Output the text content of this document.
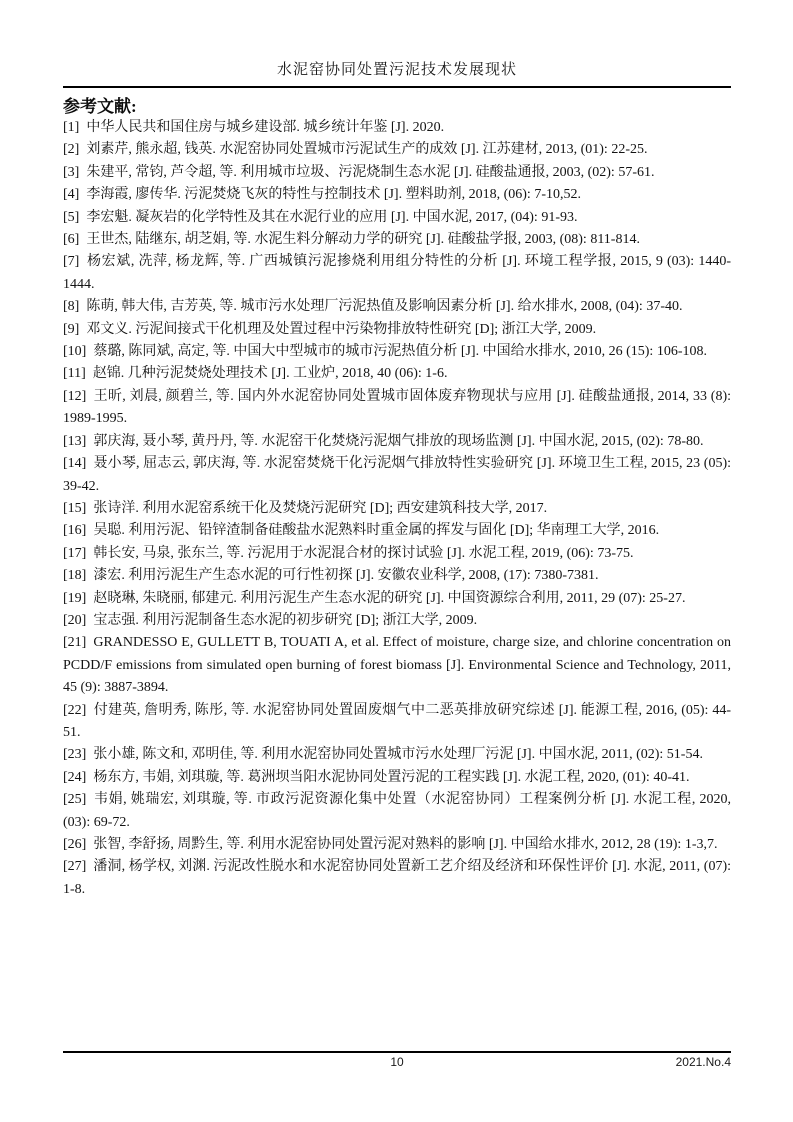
水泥窑协同处置污泥技术发展现状
参考文献:

[1] 中华人民共和国住房与城乡建设部. 城乡统计年鉴 [J]. 2020.

[2] 刘素芹, 熊永超, 钱英. 水泥窑协同处置城市污泥试生产的成效 [J]. 江苏建材, 2013, (01): 22-25.

[3] 朱建平, 常钧, 芦令超, 等. 利用城市垃圾、污泥烧制生态水泥 [J]. 硅酸盐通报, 2003, (02): 57-61.

[4] 李海霞, 廖传华. 污泥焚烧飞灰的特性与控制技术 [J]. 塑料助剂, 2018, (06): 7-10,52.

[5] 李宏魁. 凝灰岩的化学特性及其在水泥行业的应用 [J]. 中国水泥, 2017, (04): 91-93.

[6] 王世杰, 陆继东, 胡芝娟, 等. 水泥生料分解动力学的研究 [J]. 硅酸盐学报, 2003, (08): 811-814.

[7] 杨宏斌, 冼萍, 杨龙辉, 等. 广西城镇污泥掺烧利用组分特性的分析 [J]. 环境工程学报, 2015, 9 (03): 1440-1444.

[8] 陈萌, 韩大伟, 吉芳英, 等. 城市污水处理厂污泥热值及影响因素分析 [J]. 给水排水, 2008, (04): 37-40.

[9] 邓文义. 污泥间接式干化机理及处置过程中污染物排放特性研究 [D]; 浙江大学, 2009.

[10] 蔡璐, 陈同斌, 高定, 等. 中国大中型城市的城市污泥热值分析 [J]. 中国给水排水, 2010, 26 (15): 106-108.

[11] 赵锦. 几种污泥焚烧处理技术 [J]. 工业炉, 2018, 40 (06): 1-6.

[12] 王昕, 刘晨, 颜碧兰, 等. 国内外水泥窑协同处置城市固体废弃物现状与应用 [J]. 硅酸盐通报, 2014, 33 (8): 1989-1995.

[13] 郭庆海, 聂小琴, 黄丹丹, 等. 水泥窑干化焚烧污泥烟气排放的现场监测 [J]. 中国水泥, 2015, (02): 78-80.

[14] 聂小琴, 屈志云, 郭庆海, 等. 水泥窑焚烧干化污泥烟气排放特性实验研究 [J]. 环境卫生工程, 2015, 23 (05): 39-42.

[15] 张诗洋. 利用水泥窑系统干化及焚烧污泥研究 [D]; 西安建筑科技大学, 2017.

[16] 吴聪. 利用污泥、铅锌渣制备硅酸盐水泥熟料时重金属的挥发与固化 [D]; 华南理工大学, 2016.

[17] 韩长安, 马泉, 张东兰, 等. 污泥用于水泥混合材的探讨试验 [J]. 水泥工程, 2019, (06): 73-75.

[18] 漆宏. 利用污泥生产生态水泥的可行性初探 [J]. 安徽农业科学, 2008, (17): 7380-7381.

[19] 赵晓琳, 朱晓丽, 郁建元. 利用污泥生产生态水泥的研究 [J]. 中国资源综合利用, 2011, 29 (07): 25-27.

[20] 宝志强. 利用污泥制备生态水泥的初步研究 [D]; 浙江大学, 2009.

[21] GRANDESSO E, GULLETT B, TOUATI A, et al. Effect of moisture, charge size, and chlorine concentration on PCDD/F emissions from simulated open burning of forest biomass [J]. Environmental Science and Technology, 2011, 45 (9): 3887-3894.

[22] 付建英, 詹明秀, 陈彤, 等. 水泥窑协同处置固废烟气中二恶英排放研究综述 [J]. 能源工程, 2016, (05): 44-51.

[23] 张小雄, 陈文和, 邓明佳, 等. 利用水泥窑协同处置城市污水处理厂污泥 [J]. 中国水泥, 2011, (02): 51-54.

[24] 杨东方, 韦娟, 刘琪璇, 等. 葛洲坝当阳水泥协同处置污泥的工程实践 [J]. 水泥工程, 2020, (01): 40-41.

[25] 韦娟, 姚瑞宏, 刘琪璇, 等. 市政污泥资源化集中处置（水泥窑协同）工程案例分析 [J]. 水泥工程, 2020, (03): 69-72.

[26] 张智, 李舒扬, 周黔生, 等. 利用水泥窑协同处置污泥对熟料的影响 [J]. 中国给水排水, 2012, 28 (19): 1-3,7.

[27] 潘洞, 杨学权, 刘渊. 污泥改性脱水和水泥窑协同处置新工艺介绍及经济和环保性评价 [J]. 水泥, 2011, (07): 1-8.

10	2021.No.4
